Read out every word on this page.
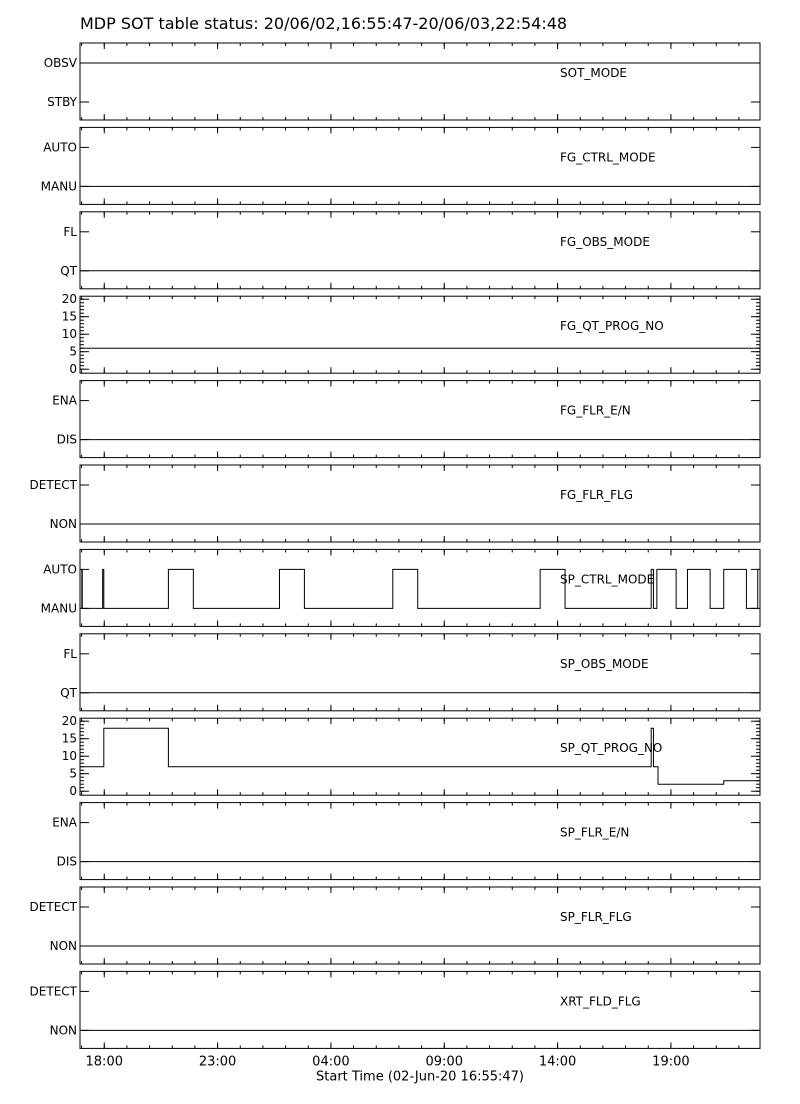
MDP SOT table status: 20/06/02,16:55:47-20/06/03,22:54:48
STBY
OBSV
SOT_MODE
MANU
AUTO
FG_CTRL_MODE
QT
FL
FG_OBS_MODE
0
5
10
15
20
FG_QT_PROG_NO
DIS
ENA
FG_FLR_E/N
NON
DETECT
FG_FLR_FLG
MANU
AUTO
SP_CTRL_MODE
QT
FL
SP_OBS_MODE
0
5
10
15
20
SP_QT_PROG_NO
DIS
ENA
SP_FLR_E/N
NON
DETECT
SP_FLR_FLG
NON
DETECT
XRT_FLD_FLG
18:00	23:00	04:00	09:00	14:00	19:00
Start Time (02-Jun-20 16:55:47)
